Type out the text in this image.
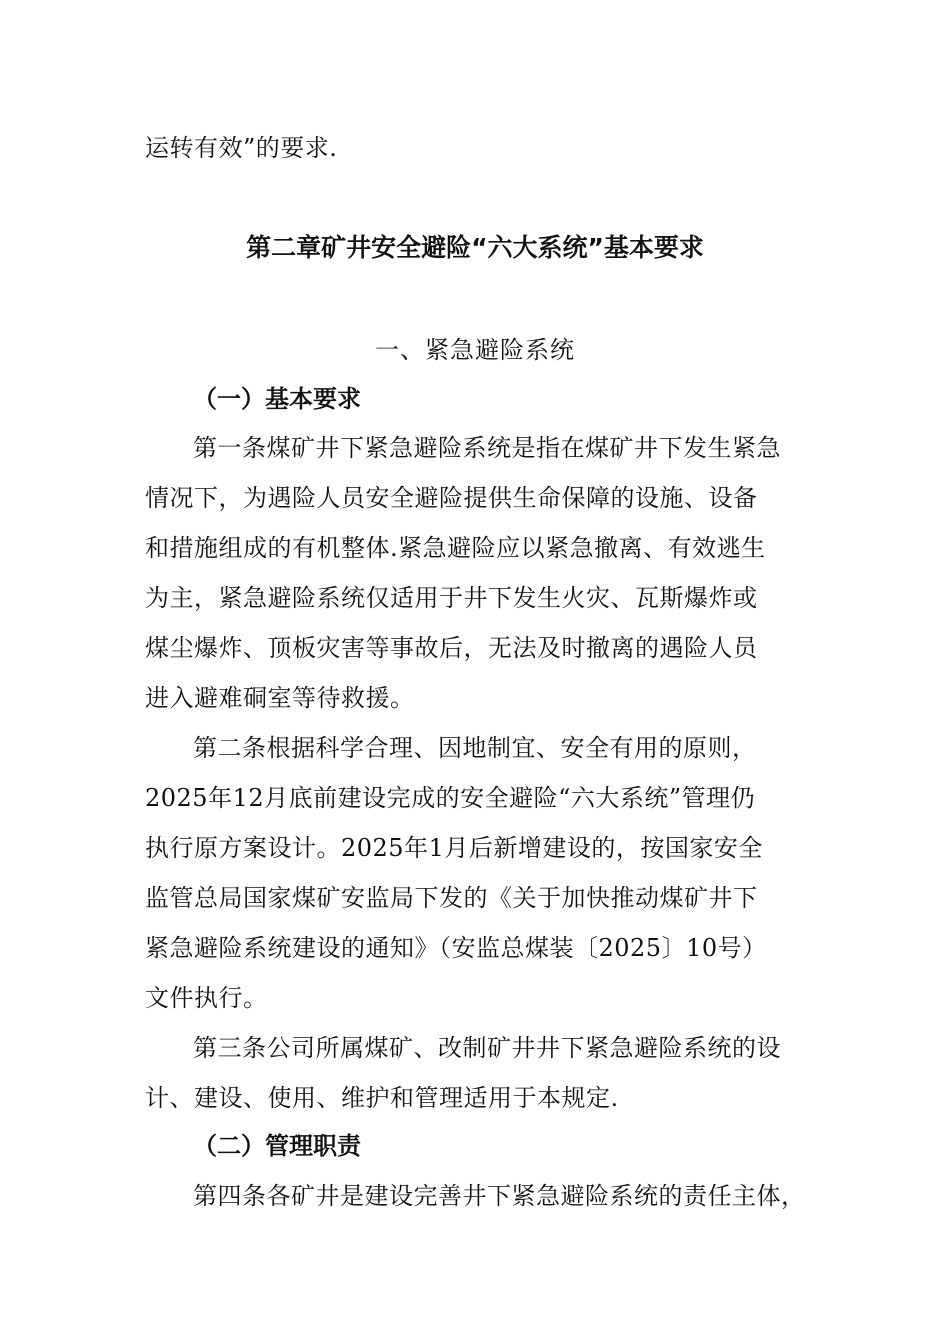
运转有效”的要求.
第二章矿井安全避险“六大系统”基本要求
一、紧急避险系统
（一）基本要求
第一条煤矿井下紧急避险系统是指在煤矿井下发生紧急
情况下，为遇险人员安全避险提供生命保障的设施、设备
和措施组成的有机整体.紧急避险应以紧急撤离、有效逃生
为主，紧急避险系统仅适用于井下发生火灾、瓦斯爆炸或
煤尘爆炸、顶板灾害等事故后，无法及时撤离的遇险人员
进入避难硐室等待救援。
第二条根据科学合理、因地制宜、安全有用的原则，
2025年12月底前建设完成的安全避险“六大系统”管理仍
执行原方案设计。2025年1月后新增建设的，按国家安全
监管总局国家煤矿安监局下发的《关于加快推动煤矿井下
紧急避险系统建设的通知》（安监总煤装〔2025〕10号）
文件执行。
第三条公司所属煤矿、改制矿井井下紧急避险系统的设
计、建设、使用、维护和管理适用于本规定.
（二）管理职责
第四条各矿井是建设完善井下紧急避险系统的责任主体，
